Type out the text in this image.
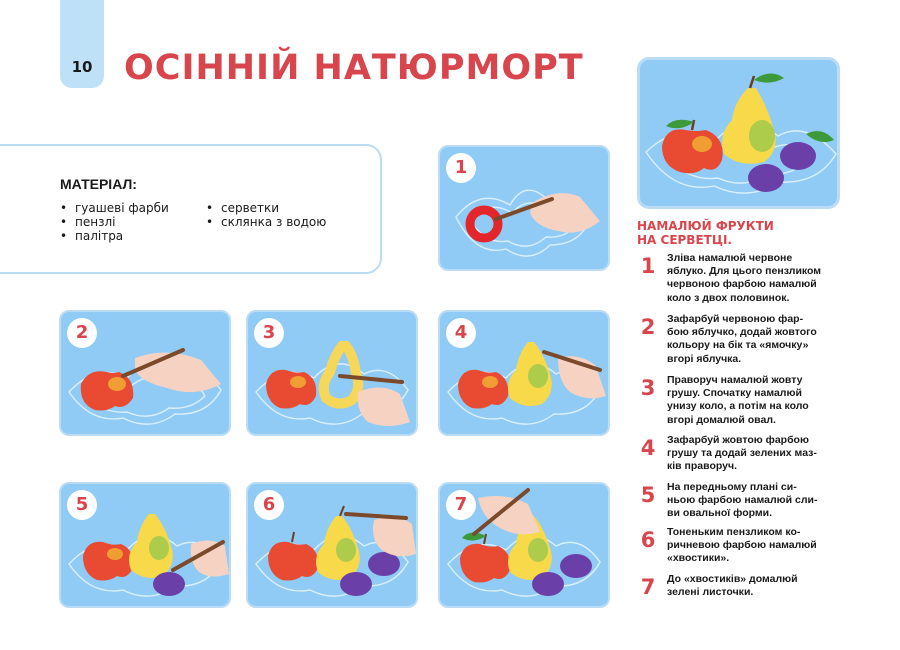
10 ОСІННІЙ НАТЮРМОРТ
МАТЕРІАЛ:
• гуашеві фарби
• пензлі
• палітра
• серветки
• склянка з водою
1
2	3	4
5	6	7
НАМАЛЮЙ ФРУКТИ
НА СЕРВЕТЦІ.
1	Зліва намалюй червоне
яблуко. Для цього пензликом
червоною фарбою намалюй
коло з двох половинок.
2	Зафарбуй червоною фар-
бою яблучко, додай жовтого
кольору на бік та «ямочку»
вгорі яблучка.
3	Праворуч намалюй жовту
грушу. Спочатку намалюй
унизу коло, а потім на коло
вгорі домалюй овал.
4	Зафарбуй жовтою фарбою
грушу та додай зелених маз-
ків праворуч.
5	На передньому плані си-
ньою фарбою намалюй сли-
ви овальної форми.
6	Тоненьким пензликом ко-
ричневою фарбою намалюй
«хвостики».
7	До «хвостиків» домалюй
зелені листочки.
